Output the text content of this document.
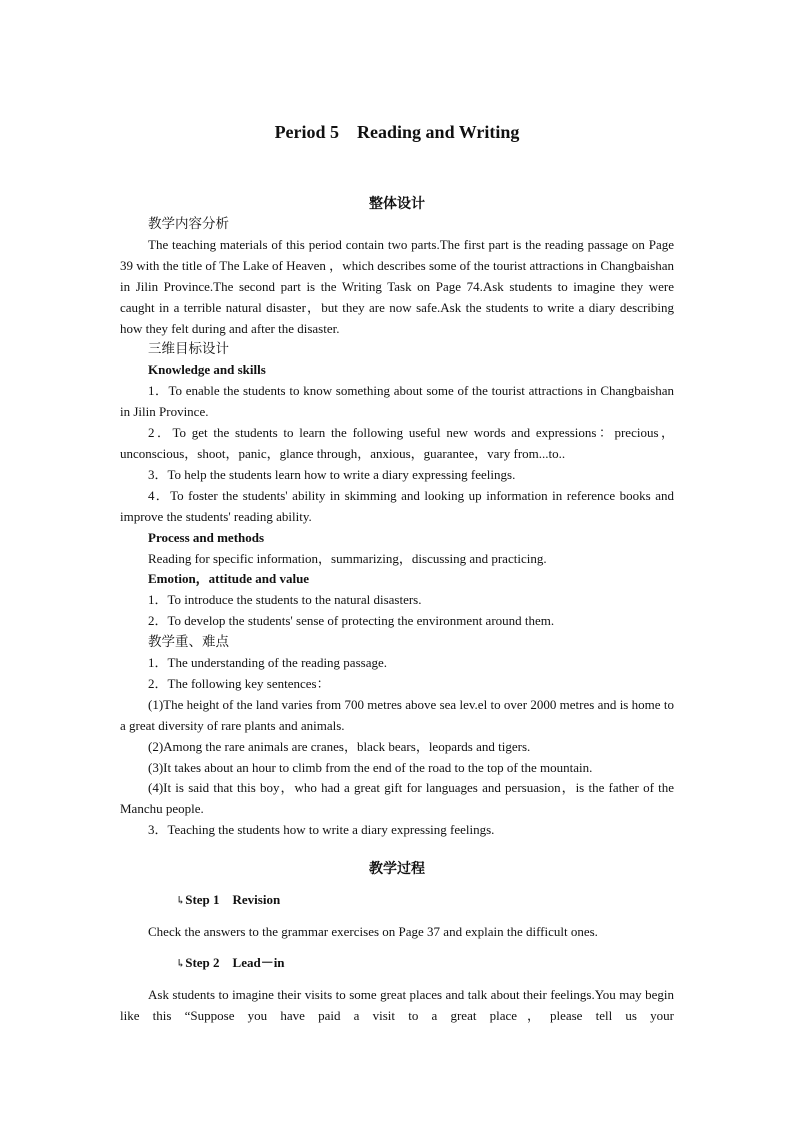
Period 5    Reading and Writing
整体设计

教学内容分析

The teaching materials of this period contain two parts.The first part is the reading passage on Page 39 with the title of The Lake of Heaven ，which describes some of the tourist attractions in Changbaishan in Jilin Province.The second part is the Writing Task on Page 74.Ask students to imagine they were caught in a terrible natural disaster，but they are now safe.Ask the students to write a diary describing how they felt during and after the disaster.

三维目标设计

Knowledge and skills

1．To enable the students to know something about some of the tourist attractions in Changbaishan in Jilin Province.

2．To get the students to learn the following useful new words and expressions：precious，unconscious，shoot，panic，glance through，anxious，guarantee，vary from...to..

3．To help the students learn how to write a diary expressing feelings.

4．To foster the students' ability in skimming and looking up information in reference books and improve the students' reading ability.

Process and methods

Reading for specific information，summarizing，discussing and practicing.

Emotion，attitude and value

1．To introduce the students to the natural disasters.

2．To develop the students' sense of protecting the environment around them.

教学重、难点

1．The understanding of the reading passage.

2．The following key sentences：

(1)The height of the land varies from 700 metres above sea lev.el to over 2000 metres and is home to a great diversity of rare plants and animals.

(2)Among the rare animals are cranes，black bears，leopards and tigers.

(3)It takes about an hour to climb from the end of the road to the top of the mountain.

(4)It is said that this boy，who had a great gift for languages and persuasion，is the father of the Manchu people.

3．Teaching the students how to write a diary expressing feelings.

教学过程

↳Step 1    Revision

Check the answers to the grammar exercises on Page 37 and explain the difficult ones.

↳Step 2    Lead－in

Ask students to imagine their visits to some great places and talk about their feelings.You may begin like this “Suppose you have paid a visit to a great place，please tell us your
